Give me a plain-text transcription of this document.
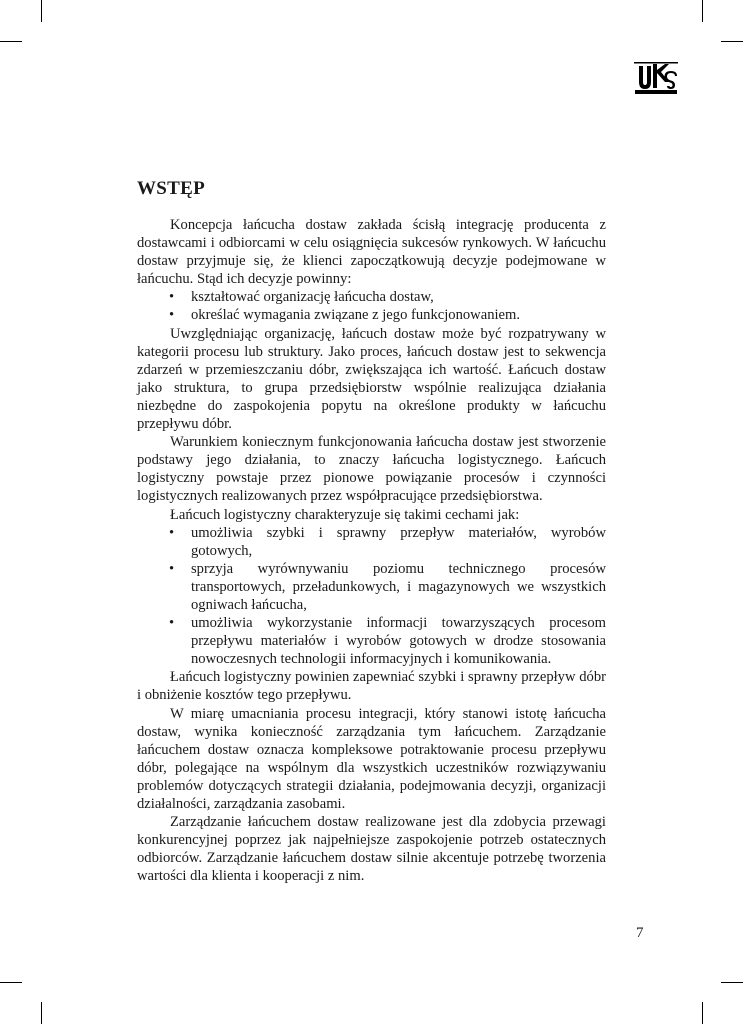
WSTĘP

Koncepcja łańcucha dostaw zakłada ścisłą integrację producenta z dostawcami i odbiorcami w celu osiągnięcia sukcesów rynkowych. W łańcuchu dostaw przyjmuje się, że klienci zapoczątkowują decyzje podejmowane w łańcuchu. Stąd ich decyzje powinny:

• kształtować organizację łańcucha dostaw,
• określać wymagania związane z jego funkcjonowaniem.

Uwzględniając organizację, łańcuch dostaw może być rozpatrywany w kategorii procesu lub struktury. Jako proces, łańcuch dostaw jest to sekwencja zdarzeń w przemieszczaniu dóbr, zwiększająca ich wartość. Łańcuch dostaw jako struktura, to grupa przedsiębiorstw wspólnie realizująca działania niezbędne do zaspokojenia popytu na określone produkty w łańcuchu przepływu dóbr.

Warunkiem koniecznym funkcjonowania łańcucha dostaw jest stworzenie podstawy jego działania, to znaczy łańcucha logistycznego. Łańcuch logistyczny powstaje przez pionowe powiązanie procesów i czynności logistycznych realizowanych przez współpracujące przedsiębiorstwa.

Łańcuch logistyczny charakteryzuje się takimi cechami jak:

• umożliwia szybki i sprawny przepływ materiałów, wyrobów gotowych,
• sprzyja wyrównywaniu poziomu technicznego procesów transportowych, przeładunkowych, i magazynowych we wszystkich ogniwach łańcucha,
• umożliwia wykorzystanie informacji towarzyszących procesom przepływu materiałów i wyrobów gotowych w drodze stosowania nowoczesnych technologii informacyjnych i komunikowania.

Łańcuch logistyczny powinien zapewniać szybki i sprawny przepływ dóbr i obniżenie kosztów tego przepływu.

W miarę umacniania procesu integracji, który stanowi istotę łańcucha dostaw, wynika konieczność zarządzania tym łańcuchem. Zarządzanie łańcuchem dostaw oznacza kompleksowe potraktowanie procesu przepływu dóbr, polegające na wspólnym dla wszystkich uczestników rozwiązywaniu problemów dotyczących strategii działania, podejmowania decyzji, organizacji działalności, zarządzania zasobami.

Zarządzanie łańcuchem dostaw realizowane jest dla zdobycia przewagi konkurencyjnej poprzez jak najpełniejsze zaspokojenie potrzeb ostatecznych odbiorców. Zarządzanie łańcuchem dostaw silnie akcentuje potrzebę tworzenia wartości dla klienta i kooperacji z nim.

7
